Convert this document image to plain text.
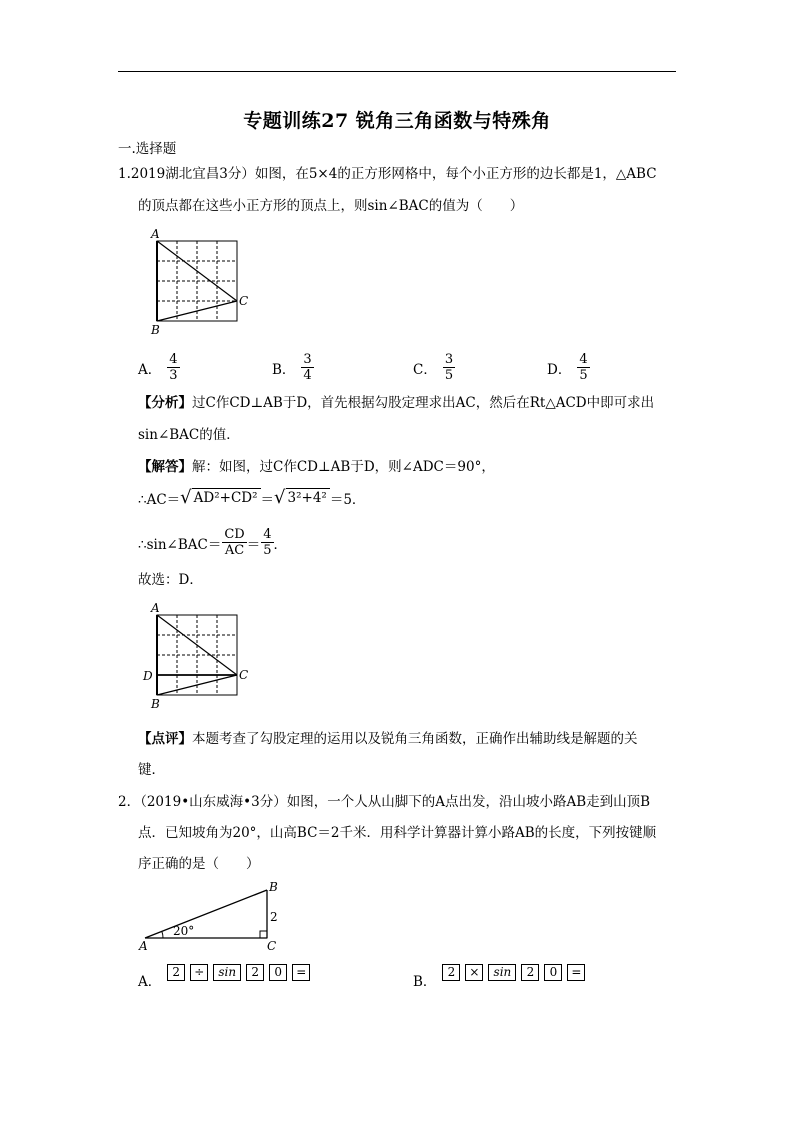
专题训练27 锐角三角函数与特殊角
一.选择题
1.2019湖北宜昌3分）如图，在5×4的正方形网格中，每个小正方形的边长都是1，△ABC
的顶点都在这些小正方形的顶点上，则sin∠BAC的值为（　　）
A
C
B
A． $\frac{4}{3}$	B． $\frac{3}{4}$	C． $\frac{3}{5}$	D． $\frac{4}{5}$
【分析】过C作CD⊥AB于D，首先根据勾股定理求出AC，然后在Rt△ACD中即可求出
sin∠BAC的值．
【解答】解：如图，过C作CD⊥AB于D，则∠ADC＝90°，
∴AC＝ √ AD²+CD² ＝ √ 3²+4² ＝5．
∴sin∠BAC＝ $\frac{CD}{AC} = \frac{4}{5}$ ．
故选：D．
A
C
D
B
【点评】本题考查了勾股定理的运用以及锐角三角函数，正确作出辅助线是解题的关
键．
2．（2019•山东威海•3分）如图，一个人从山脚下的A点出发，沿山坡小路AB走到山顶B
点．已知坡角为20°，山高BC＝2千米．用科学计算器计算小路AB的长度，下列按键顺
序正确的是（　　）
A
B
C
20°
2
A．
2 ÷ sin 2 0 =
B．
2 × sin 2 0 =
